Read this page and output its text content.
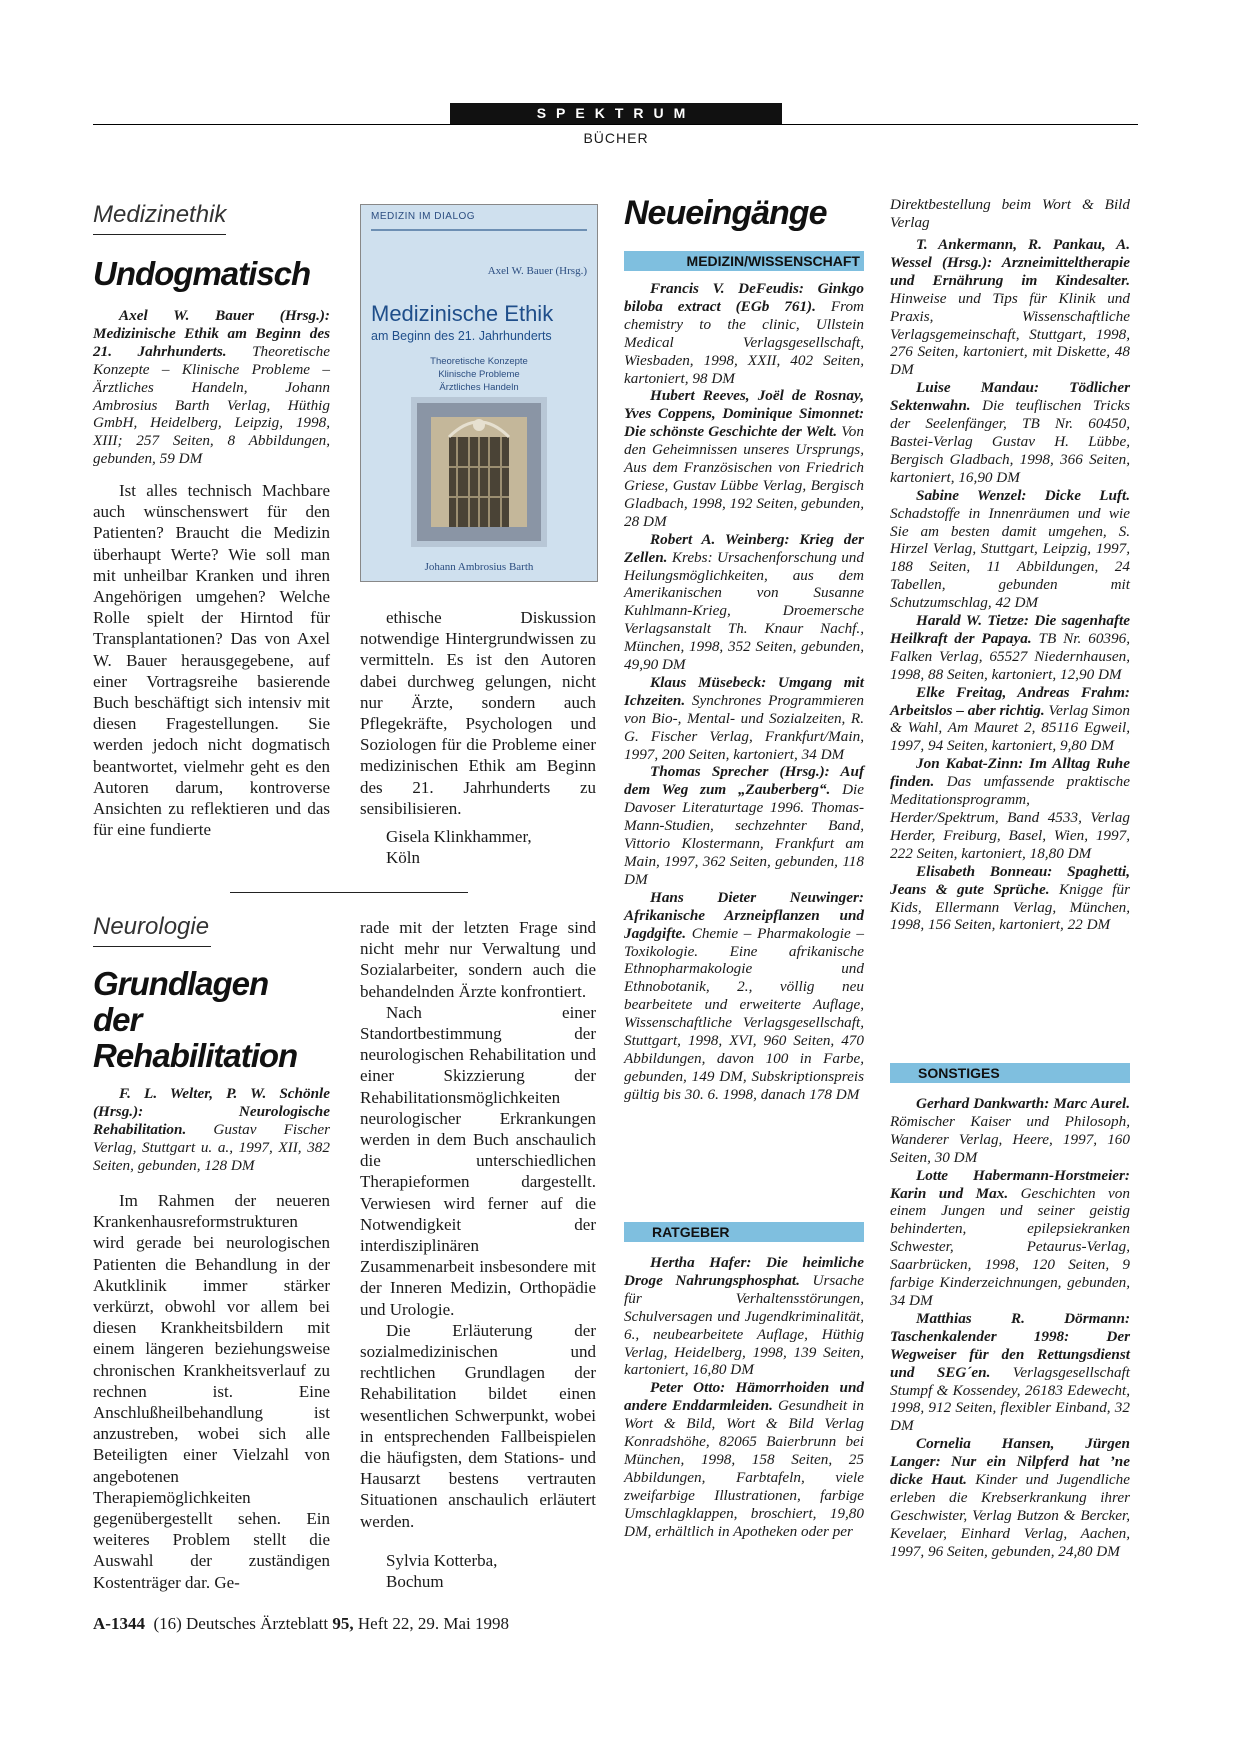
SPEKTRUM
BÜCHER
Medizinethik
Undogmatisch
Axel W. Bauer (Hrsg.): Medizinische Ethik am Beginn des 21. Jahrhunderts. Theoretische Konzepte – Klinische Probleme – Ärztliches Handeln, Johann Ambrosius Barth Verlag, Hüthig GmbH, Heidelberg, Leipzig, 1998, XIII; 257 Seiten, 8 Abbildungen, gebunden, 59 DM
Ist alles technisch Machbare auch wünschenswert für den Patienten? Braucht die Medizin überhaupt Werte? Wie soll man mit unheilbar Kranken und ihren Angehörigen umgehen? Welche Rolle spielt der Hirntod für Transplantationen? Das von Axel W. Bauer herausgegebene, auf einer Vortragsreihe basierende Buch beschäftigt sich intensiv mit diesen Fragestellungen. Sie werden jedoch nicht dogmatisch beantwortet, vielmehr geht es den Autoren darum, kontroverse Ansichten zu reflektieren und das für eine fundierte
MEDIZIN IM DIALOG
Axel W. Bauer (Hrsg.)
Medizinische Ethik
am Beginn des 21. Jahrhunderts
Theoretische Konzepte
Klinische Probleme
Ärztliches Handeln
Johann Ambrosius Barth
ethische Diskussion notwendige Hintergrundwissen zu vermitteln. Es ist den Autoren dabei durchweg gelungen, nicht nur Ärzte, sondern auch Pflegekräfte, Psychologen und Soziologen für die Probleme einer medizinischen Ethik am Beginn des 21. Jahrhunderts zu sensibilisieren.
Gisela Klinkhammer,
Köln
Neurologie
Grundlagen
der
Rehabilitation
F. L. Welter, P. W. Schönle (Hrsg.): Neurologische Rehabilitation. Gustav Fischer Verlag, Stuttgart u. a., 1997, XII, 382 Seiten, gebunden, 128 DM
Im Rahmen der neueren Krankenhausreformstrukturen wird gerade bei neurologischen Patienten die Behandlung in der Akutklinik immer stärker verkürzt, obwohl vor allem bei diesen Krankheitsbildern mit einem längeren beziehungsweise chronischen Krankheitsverlauf zu rechnen ist. Eine Anschlußheilbehandlung ist anzustreben, wobei sich alle Beteiligten einer Vielzahl von angebotenen Therapiemöglichkeiten gegenübergestellt sehen. Ein weiteres Problem stellt die Auswahl der zuständigen Kostenträger dar. Ge-

rade mit der letzten Frage sind nicht mehr nur Verwaltung und Sozialarbeiter, sondern auch die behandelnden Ärzte konfrontiert.

Nach einer Standortbestimmung der neurologischen Rehabilitation und einer Skizzierung der Rehabilitationsmöglichkeiten neurologischer Erkrankungen werden in dem Buch anschaulich die unterschiedlichen Therapieformen dargestellt. Verwiesen wird ferner auf die Notwendigkeit der interdisziplinären Zusammenarbeit insbesondere mit der Inneren Medizin, Orthopädie und Urologie.

Die Erläuterung der sozialmedizinischen und rechtlichen Grundlagen der Rehabilitation bildet einen wesentlichen Schwerpunkt, wobei in entsprechenden Fallbeispielen die häufigsten, dem Stations- und Hausarzt bestens vertrauten Situationen anschaulich erläutert werden.

Sylvia Kotterba,
Bochum
Neueingänge
MEDIZIN/WISSENSCHAFT

Francis V. DeFeudis: Ginkgo biloba extract (EGb 761). From chemistry to the clinic, Ullstein Medical Verlagsgesellschaft, Wiesbaden, 1998, XXII, 402 Seiten, kartoniert, 98 DM

Hubert Reeves, Joël de Rosnay, Yves Coppens, Dominique Simonnet: Die schönste Geschichte der Welt. Von den Geheimnissen unseres Ursprungs, Aus dem Französischen von Friedrich Griese, Gustav Lübbe Verlag, Bergisch Gladbach, 1998, 192 Seiten, gebunden, 28 DM

Robert A. Weinberg: Krieg der Zellen. Krebs: Ursachenforschung und Heilungsmöglichkeiten, aus dem Amerikanischen von Susanne Kuhlmann-Krieg, Droemersche Verlagsanstalt Th. Knaur Nachf., München, 1998, 352 Seiten, gebunden, 49,90 DM

Klaus Müsebeck: Umgang mit Ichzeiten. Synchrones Programmieren von Bio-, Mental- und Sozialzeiten, R. G. Fischer Verlag, Frankfurt/Main, 1997, 200 Seiten, kartoniert, 34 DM

Thomas Sprecher (Hrsg.): Auf dem Weg zum „Zauberberg“. Die Davoser Literaturtage 1996. Thomas-Mann-Studien, sechzehnter Band, Vittorio Klostermann, Frankfurt am Main, 1997, 362 Seiten, gebunden, 118 DM

Hans Dieter Neuwinger: Afrikanische Arzneipflanzen und Jagdgifte. Chemie – Pharmakologie – Toxikologie. Eine afrikanische Ethnopharmakologie und Ethnobotanik, 2., völlig neu bearbeitete und erweiterte Auflage, Wissenschaftliche Verlagsgesellschaft, Stuttgart, 1998, XVI, 960 Seiten, 470 Abbildungen, davon 100 in Farbe, gebunden, 149 DM, Subskriptionspreis gültig bis 30. 6. 1998, danach 178 DM

RATGEBER

Hertha Hafer: Die heimliche Droge Nahrungsphosphat. Ursache für Verhaltensstörungen, Schulversagen und Jugendkriminalität, 6., neubearbeitete Auflage, Hüthig Verlag, Heidelberg, 1998, 139 Seiten, kartoniert, 16,80 DM

Peter Otto: Hämorrhoiden und andere Enddarmleiden. Gesundheit in Wort & Bild, Wort & Bild Verlag Konradshöhe, 82065 Baierbrunn bei München, 1998, 158 Seiten, 25 Abbildungen, Farbtafeln, viele zweifarbige Illustrationen, farbige Umschlagklappen, broschiert, 19,80 DM, erhältlich in Apotheken oder per

Direktbestellung beim Wort & Bild Verlag

T. Ankermann, R. Pankau, A. Wessel (Hrsg.): Arzneimitteltherapie und Ernährung im Kindesalter. Hinweise und Tips für Klinik und Praxis, Wissenschaftliche Verlagsgemeinschaft, Stuttgart, 1998, 276 Seiten, kartoniert, mit Diskette, 48 DM

Luise Mandau: Tödlicher Sektenwahn. Die teuflischen Tricks der Seelenfänger, TB Nr. 60450, Bastei-Verlag Gustav H. Lübbe, Bergisch Gladbach, 1998, 366 Seiten, kartoniert, 16,90 DM

Sabine Wenzel: Dicke Luft. Schadstoffe in Innenräumen und wie Sie am besten damit umgehen, S. Hirzel Verlag, Stuttgart, Leipzig, 1997, 188 Seiten, 11 Abbildungen, 24 Tabellen, gebunden mit Schutzumschlag, 42 DM

Harald W. Tietze: Die sagenhafte Heilkraft der Papaya. TB Nr. 60396, Falken Verlag, 65527 Niedernhausen, 1998, 88 Seiten, kartoniert, 12,90 DM

Elke Freitag, Andreas Frahm: Arbeitslos – aber richtig. Verlag Simon & Wahl, Am Mauret 2, 85116 Egweil, 1997, 94 Seiten, kartoniert, 9,80 DM

Jon Kabat-Zinn: Im Alltag Ruhe finden. Das umfassende praktische Meditationsprogramm, Herder/Spektrum, Band 4533, Verlag Herder, Freiburg, Basel, Wien, 1997, 222 Seiten, kartoniert, 18,80 DM

Elisabeth Bonneau: Spaghetti, Jeans & gute Sprüche. Knigge für Kids, Ellermann Verlag, München, 1998, 156 Seiten, kartoniert, 22 DM

SONSTIGES

Gerhard Dankwarth: Marc Aurel. Römischer Kaiser und Philosoph, Wanderer Verlag, Heere, 1997, 160 Seiten, 30 DM

Lotte Habermann-Horstmeier: Karin und Max. Geschichten von einem Jungen und seiner geistig behinderten, epilepsiekranken Schwester, Petaurus-Verlag, Saarbrücken, 1998, 120 Seiten, 9 farbige Kinderzeichnungen, gebunden, 34 DM

Matthias R. Dörmann: Taschenkalender 1998: Der Wegweiser für den Rettungsdienst und SEG´en. Verlagsgesellschaft Stumpf & Kossendey, 26183 Edewecht, 1998, 912 Seiten, flexibler Einband, 32 DM

Cornelia Hansen, Jürgen Langer: Nur ein Nilpferd hat ’ne dicke Haut. Kinder und Jugendliche erleben die Krebserkrankung ihrer Geschwister, Verlag Butzon & Bercker, Kevelaer, Einhard Verlag, Aachen, 1997, 96 Seiten, gebunden, 24,80 DM

A-1344  (16) Deutsches Ärzteblatt 95, Heft 22, 29. Mai 1998
